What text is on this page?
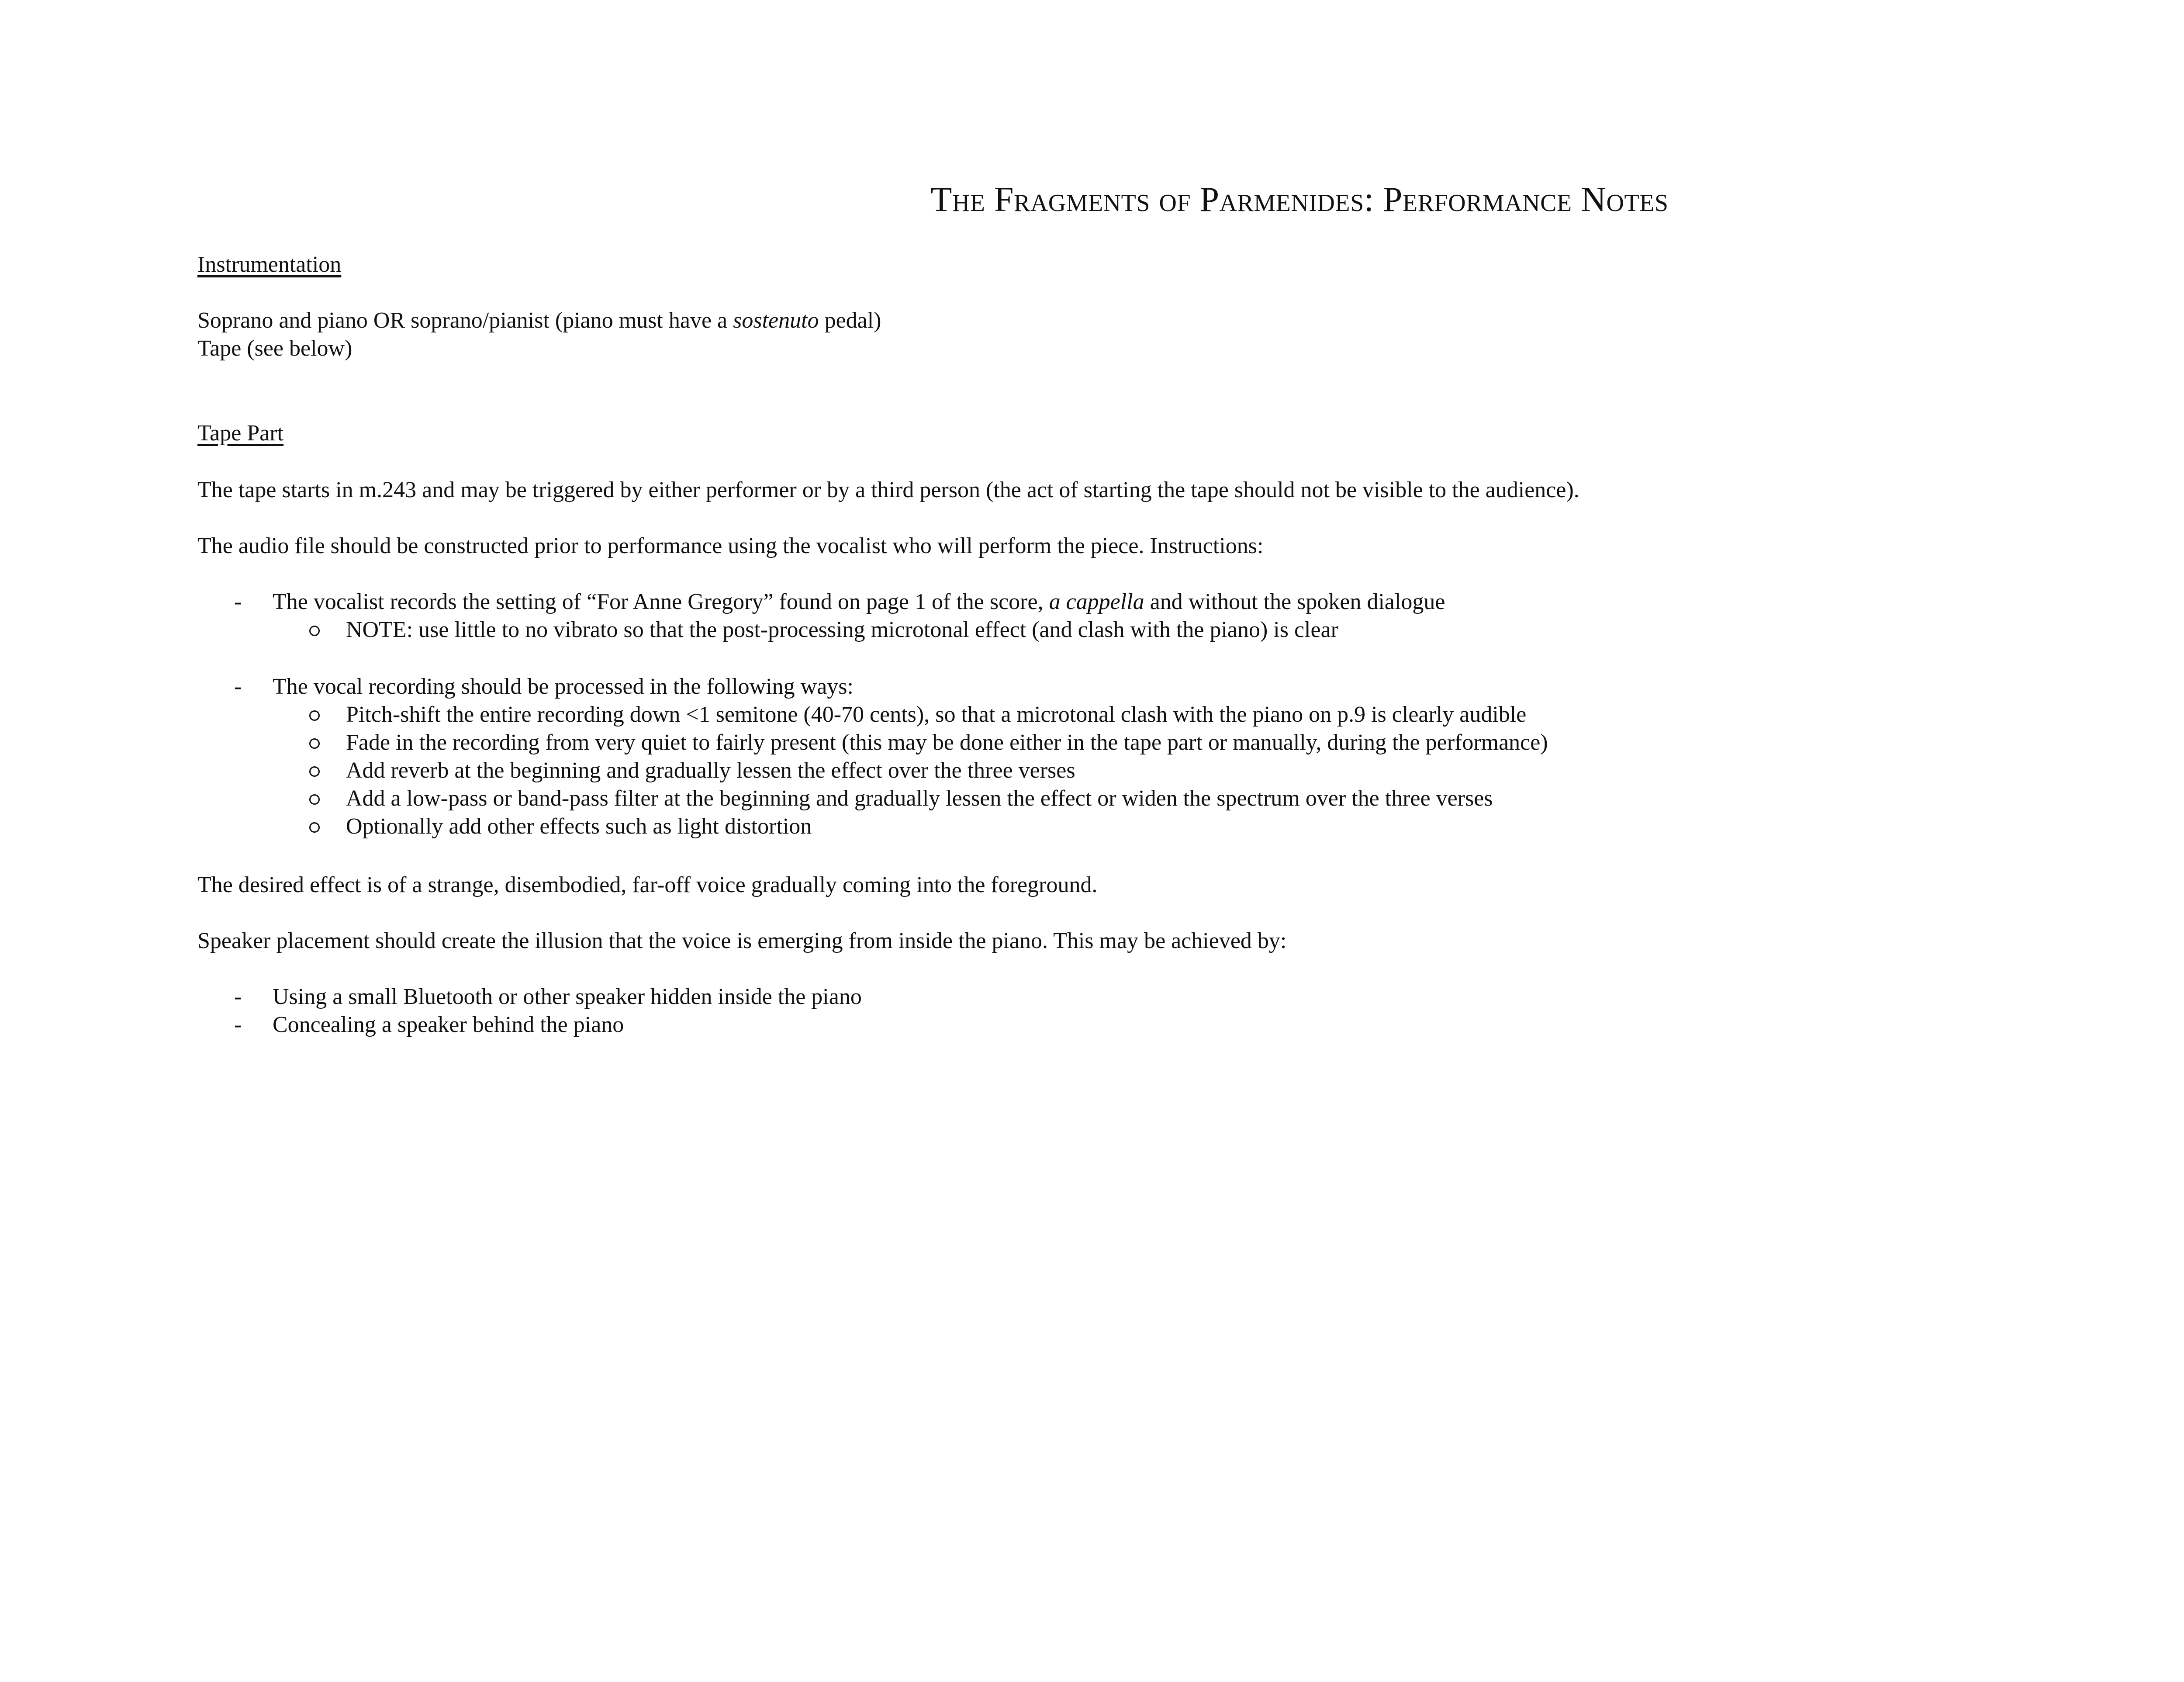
The Fragments of Parmenides: Performance Notes
Instrumentation
Soprano and piano OR soprano/pianist (piano must have a sostenuto pedal)
Tape (see below)
Tape Part
The tape starts in m.243 and may be triggered by either performer or by a third person (the act of starting the tape should not be visible to the audience).
The audio file should be constructed prior to performance using the vocalist who will perform the piece. Instructions:
- The vocalist records the setting of “For Anne Gregory” found on page 1 of the score, a cappella and without the spoken dialogue
NOTE: use little to no vibrato so that the post-processing microtonal effect (and clash with the piano) is clear
- The vocal recording should be processed in the following ways:
Pitch-shift the entire recording down <1 semitone (40-70 cents), so that a microtonal clash with the piano on p.9 is clearly audible
Fade in the recording from very quiet to fairly present (this may be done either in the tape part or manually, during the performance)
Add reverb at the beginning and gradually lessen the effect over the three verses
Add a low-pass or band-pass filter at the beginning and gradually lessen the effect or widen the spectrum over the three verses
Optionally add other effects such as light distortion
The desired effect is of a strange, disembodied, far-off voice gradually coming into the foreground.
Speaker placement should create the illusion that the voice is emerging from inside the piano. This may be achieved by:
- Using a small Bluetooth or other speaker hidden inside the piano
- Concealing a speaker behind the piano
